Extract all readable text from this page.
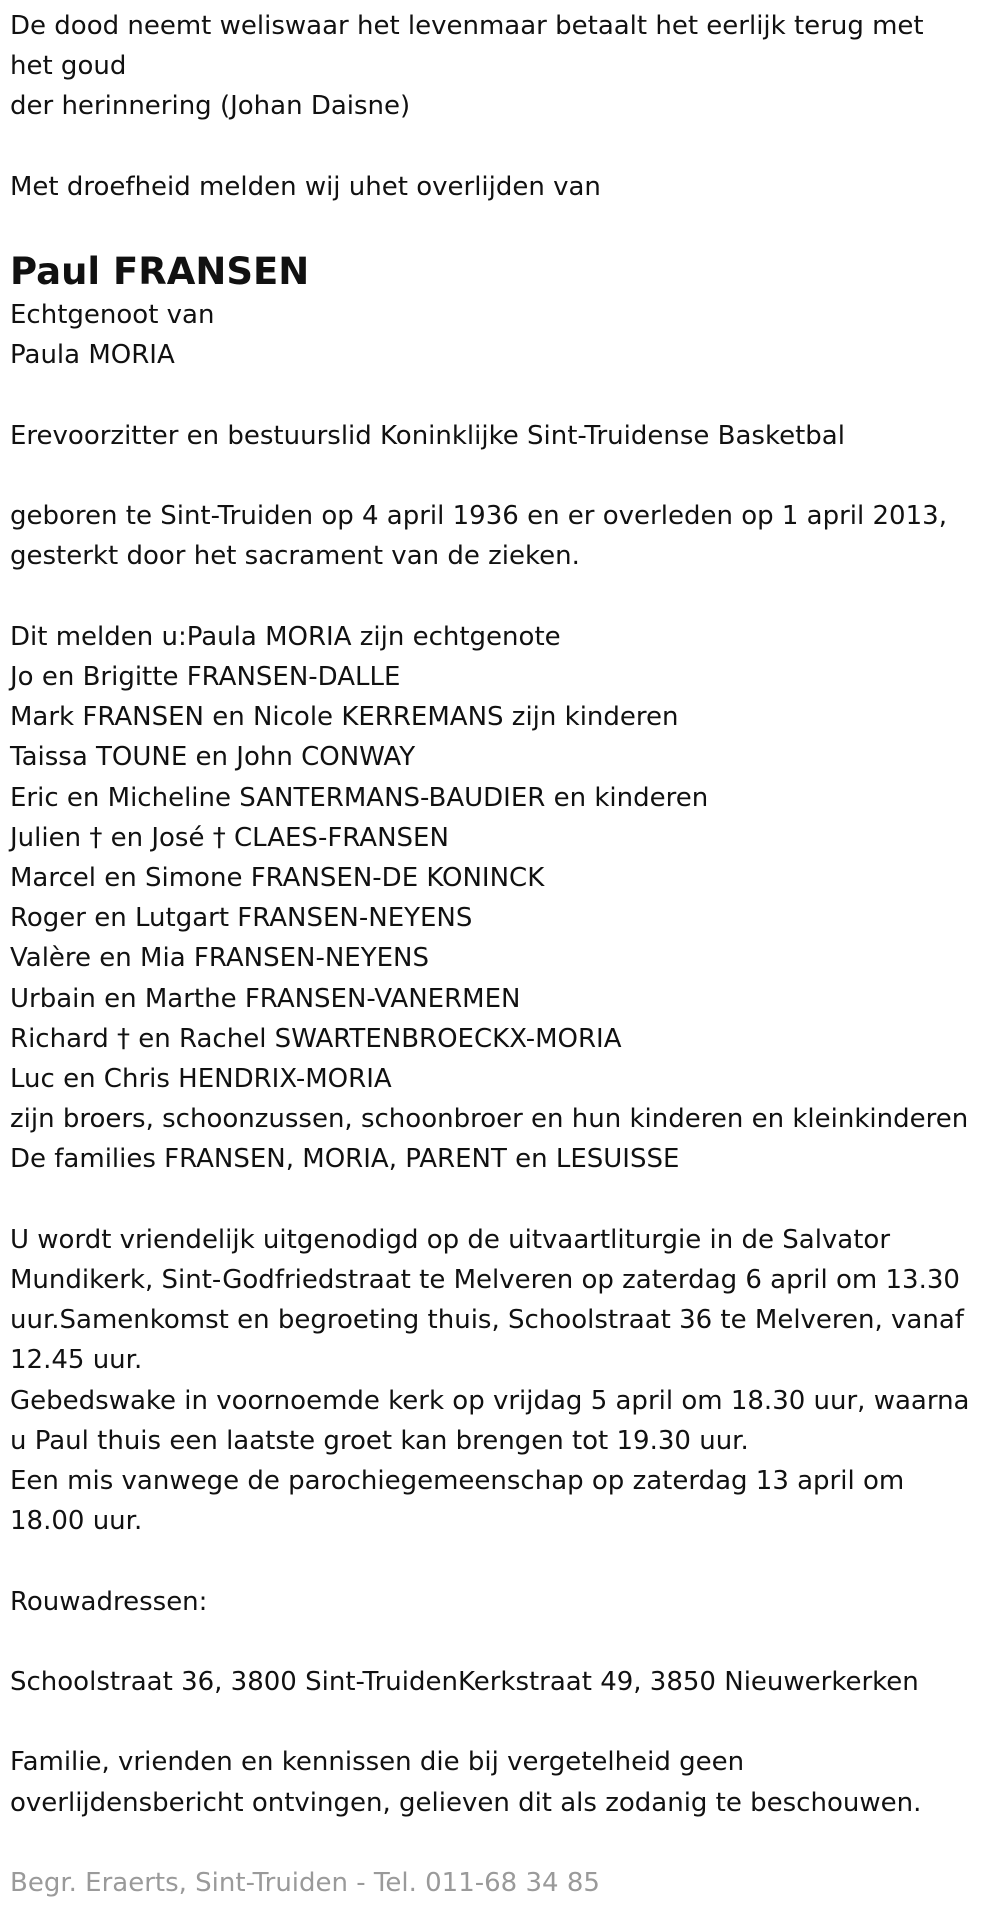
De dood neemt weliswaar het levenmaar betaalt het eerlijk terug met
het goud
der herinnering (Johan Daisne)
Met droefheid melden wij uhet overlijden van
Paul FRANSEN
Echtgenoot van
Paula MORIA
Erevoorzitter en bestuurslid Koninklijke Sint-Truidense Basketbal
geboren te Sint-Truiden op 4 april 1936 en er overleden op 1 april 2013,
gesterkt door het sacrament van de zieken.
Dit melden u:Paula MORIA zijn echtgenote
Jo en Brigitte FRANSEN-DALLE
Mark FRANSEN en Nicole KERREMANS zijn kinderen
Taissa TOUNE en John CONWAY
Eric en Micheline SANTERMANS-BAUDIER en kinderen
Julien † en José † CLAES-FRANSEN
Marcel en Simone FRANSEN-DE KONINCK
Roger en Lutgart FRANSEN-NEYENS
Valère en Mia FRANSEN-NEYENS
Urbain en Marthe FRANSEN-VANERMEN
Richard † en Rachel SWARTENBROECKX-MORIA
Luc en Chris HENDRIX-MORIA
zijn broers, schoonzussen, schoonbroer en hun kinderen en kleinkinderen
De families FRANSEN, MORIA, PARENT en LESUISSE
U wordt vriendelijk uitgenodigd op de uitvaartliturgie in de Salvator
Mundikerk, Sint-Godfriedstraat te Melveren op zaterdag 6 april om 13.30
uur.Samenkomst en begroeting thuis, Schoolstraat 36 te Melveren, vanaf
12.45 uur.
Gebedswake in voornoemde kerk op vrijdag 5 april om 18.30 uur, waarna
u Paul thuis een laatste groet kan brengen tot 19.30 uur.
Een mis vanwege de parochiegemeenschap op zaterdag 13 april om
18.00 uur.
Rouwadressen:
Schoolstraat 36, 3800 Sint-TruidenKerkstraat 49, 3850 Nieuwerkerken
Familie, vrienden en kennissen die bij vergetelheid geen
overlijdensbericht ontvingen, gelieven dit als zodanig te beschouwen.
Begr. Eraerts, Sint-Truiden - Tel. 011-68 34 85
